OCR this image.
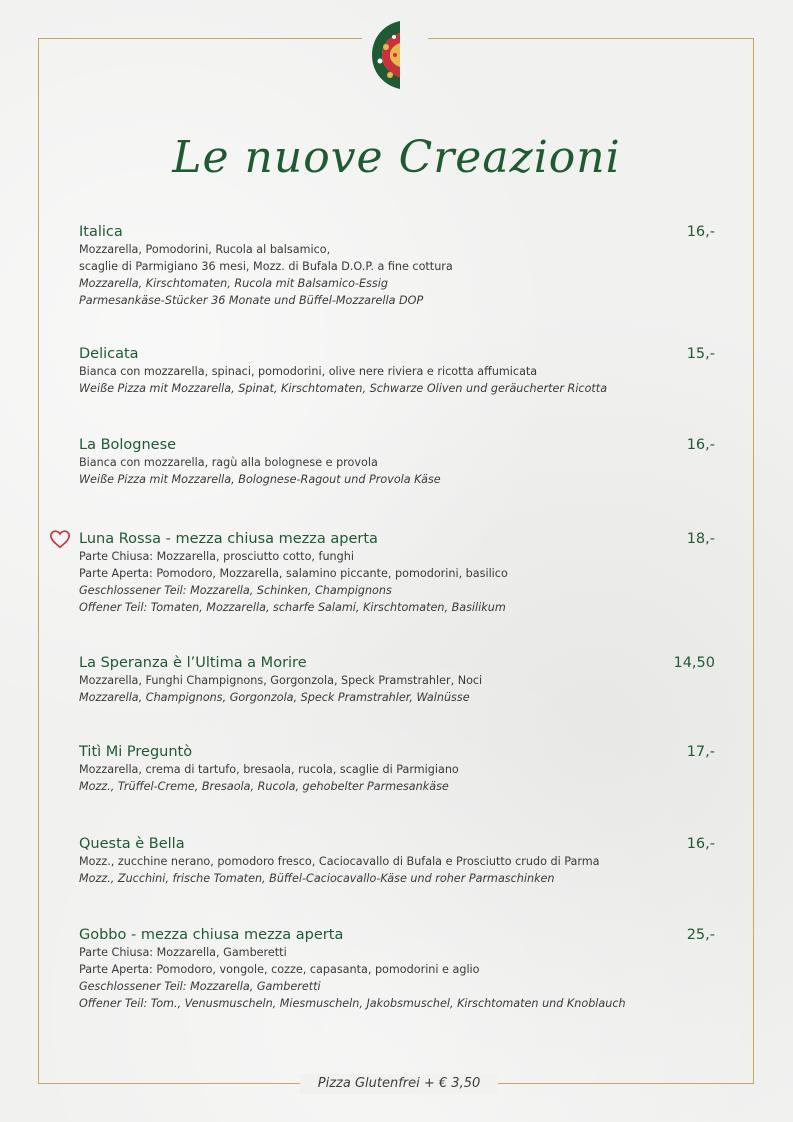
Le nuove Creazioni
Italica	16,-
Mozzarella, Pomodorini, Rucola al balsamico,
scaglie di Parmigiano 36 mesi, Mozz. di Bufala D.O.P. a fine cottura
Mozzarella, Kirschtomaten, Rucola mit Balsamico-Essig
Parmesankäse-Stücker 36 Monate und Büffel-Mozzarella DOP
Delicata	15,-
Bianca con mozzarella, spinaci, pomodorini, olive nere riviera e ricotta affumicata
Weiße Pizza mit Mozzarella, Spinat, Kirschtomaten, Schwarze Oliven und geräucherter Ricotta
La Bolognese	16,-
Bianca con mozzarella, ragù alla bolognese e provola
Weiße Pizza mit Mozzarella, Bolognese-Ragout und Provola Käse
Luna Rossa - mezza chiusa mezza aperta	18,-
Parte Chiusa: Mozzarella, prosciutto cotto, funghi
Parte Aperta: Pomodoro, Mozzarella, salamino piccante, pomodorini, basilico
Geschlossener Teil: Mozzarella, Schinken, Champignons
Offener Teil: Tomaten, Mozzarella, scharfe Salami, Kirschtomaten, Basilikum
La Speranza è l’Ultima a Morire	14,50
Mozzarella, Funghi Champignons, Gorgonzola, Speck Pramstrahler, Noci
Mozzarella, Champignons, Gorgonzola, Speck Pramstrahler, Walnüsse
Titì Mi Preguntò	17,-
Mozzarella, crema di tartufo, bresaola, rucola, scaglie di Parmigiano
Mozz., Trüffel-Creme, Bresaola, Rucola, gehobelter Parmesankäse
Questa è Bella	16,-
Mozz., zucchine nerano, pomodoro fresco, Caciocavallo di Bufala e Prosciutto crudo di Parma
Mozz., Zucchini, frische Tomaten, Büffel-Caciocavallo-Käse und roher Parmaschinken
Gobbo - mezza chiusa mezza aperta	25,-
Parte Chiusa: Mozzarella, Gamberetti
Parte Aperta: Pomodoro, vongole, cozze, capasanta, pomodorini e aglio
Geschlossener Teil: Mozzarella, Gamberetti
Offener Teil: Tom., Venusmuscheln, Miesmuscheln, Jakobsmuschel, Kirschtomaten und Knoblauch
Pizza Glutenfrei + € 3,50
